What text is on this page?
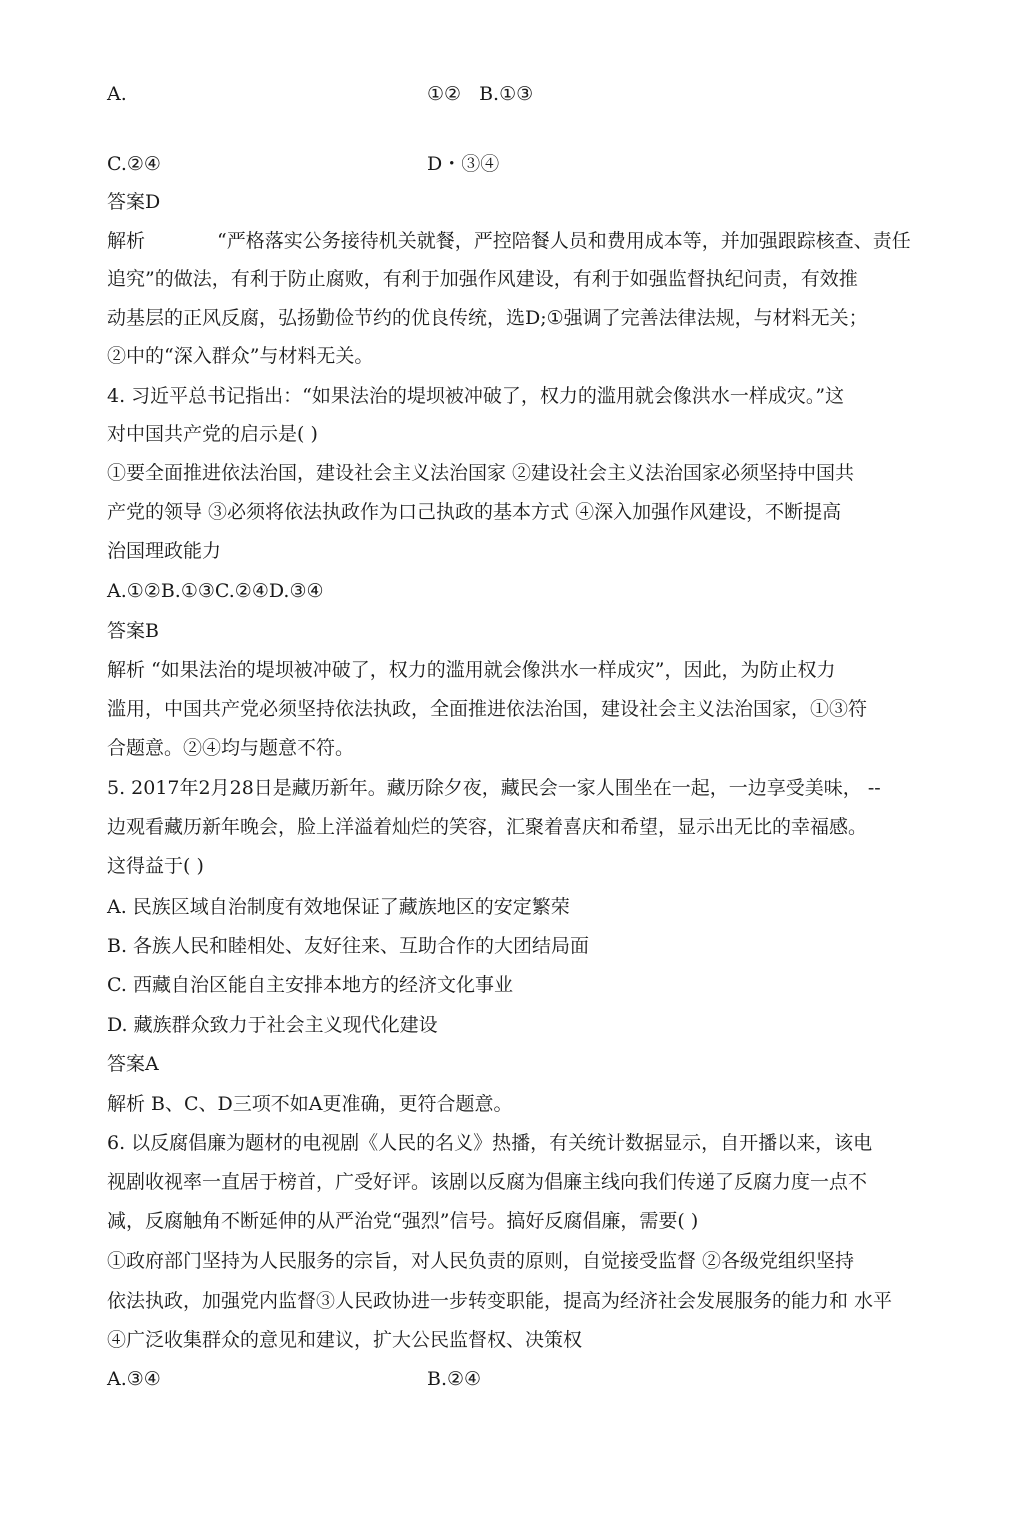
A.	①② B.①③
C.②④	D・③④
答案D
解析	“严格落实公务接待机关就餐，严控陪餐人员和费用成本等，并加强跟踪核查、责任
追究”的做法，有利于防止腐败，有利于加强作风建设，有利于如强监督执纪问责，有效推
动基层的正风反腐，弘扬勤俭节约的优良传统，选D;①强调了完善法律法规，与材料无关；
②中的“深入群众”与材料无关。
4. 习近平总书记指出：“如果法治的堤坝被冲破了，权力的滥用就会像洪水一样成灾。”这
对中国共产党的启示是( )
①要全面推进依法治国，建设社会主义法治国家 ②建设社会主义法治国家必须坚持中国共
产党的领导 ③必须将依法执政作为口己执政的基本方式 ④深入加强作风建设，不断提高
治国理政能力
A.①②B.①③C.②④D.③④
答案B
解析 “如果法治的堤坝被冲破了，权力的滥用就会像洪水一样成灾”，因此，为防止权力
滥用，中国共产党必须坚持依法执政，全面推进依法治国，建设社会主义法治国家，①③符
合题意。②④均与题意不符。
5. 2017年2月28日是藏历新年。藏历除夕夜，藏民会一家人围坐在一起，一边享受美味， --
边观看藏历新年晚会，脸上洋溢着灿烂的笑容，汇聚着喜庆和希望，显示出无比的幸福感。
这得益于( )
A. 民族区域自治制度有效地保证了藏族地区的安定繁荣
B. 各族人民和睦相处、友好往来、互助合作的大团结局面
C. 西藏自治区能自主安排本地方的经济文化事业
D. 藏族群众致力于社会主义现代化建设
答案A
解析 B、C、D三项不如A更准确，更符合题意。
6. 以反腐倡廉为题材的电视剧《人民的名义》热播，有关统计数据显示，自开播以来，该电
视剧收视率一直居于榜首，广受好评。该剧以反腐为倡廉主线向我们传递了反腐力度一点不
减，反腐触角不断延伸的从严治党“强烈”信号。搞好反腐倡廉，需要( )
①政府部门坚持为人民服务的宗旨，对人民负责的原则，自觉接受监督 ②各级党组织坚持
依法执政，加强党内监督③人民政协进一步转变职能，提高为经济社会发展服务的能力和 水平
④广泛收集群众的意见和建议，扩大公民监督权、决策权
A.③④	B.②④
